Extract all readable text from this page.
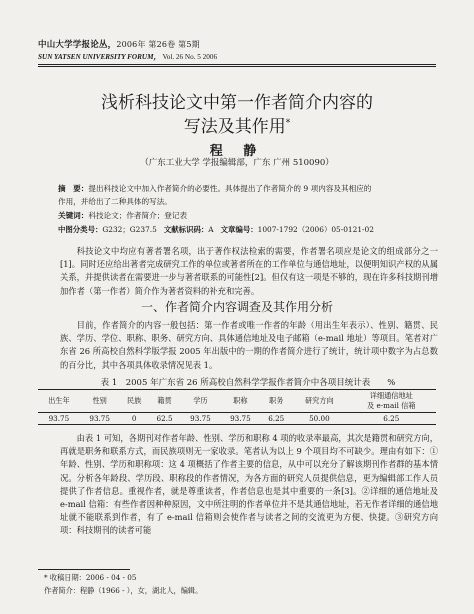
中山大学学报论丛，2006年 第26卷 第5期
SUN YATSEN UNIVERSITY FORUM， Vol. 26 No. 5 2006
浅析科技论文中第一作者简介内容的
写法及其作用*
程 静
（广东工业大学 学报编辑部，广东 广州 510090）
摘　要：提出科技论文中加入作者简介的必要性。具体提出了作者简介的 9 项内容及其相应的
作用，并给出了二种具体的写法。
关键词：科技论文；作者简介；登记表
中图分类号：G232；G237.5 文献标识码：A 文章编号：1007-1792（2006）05-0121-02
科技论文中均应有著者署名项，出于著作权法检索的需要，作者署名项应是论文的组成部分之一[1]。同时还应给出著者完成研究工作的单位或著者所在的工作单位与通信地址，以便明知识产权的从属关系，并提供读者在需要进一步与著者联系的可能性[2]。但仅有这一项是不够的，现在许多科技期刊增加作者（第一作者）简介作为著者资料的补充和完善。
一、作者简介内容调查及其作用分析
目前，作者简介的内容一般包括：第一作者或唯一作者的年龄（用出生年表示）、性别、籍贯、民族、学历、学位、职称、职务、研究方向、具体通信地址及电子邮箱（e-mail 地址）等项目。笔者对广东省 26 所高校自然科学版学报 2005 年出版中的一期的作者简介进行了统计，统计项中数字为占总数的百分比，其中各项具体收录情况见表 1。
表 1　2005 年广东省 26 所高校自然科学学报作者简介中各项目统计表　　%
出生年	性别	民族	籍贯	学历	职称	职务	研究方向	详细通信地址
及 e-mail 信箱
93.75	93.75	0	62.5	93.75	93.75	6.25	50.00	6.25
由表 1 可知，各期刊对作者年龄、性别、学历和职称 4 项的收录率最高，其次是籍贯和研究方向，再就是职务和联系方式，而民族项则无一家收录。笔者认为以上 9 个项目均不可缺少。理由有如下：①年龄、性别、学历和职称项：这 4 项概括了作者主要的信息，从中可以充分了解该期刊作者群的基本情况。分析各年龄段、学历段、职称段的作者情况，为各方面的研究人员提供信息，更为编辑部工作人员提供了作者信息。重视作者，就是尊重读者，作者信息也是其中重要的一条[3]。②详细的通信地址及 e-mail 信箱：有些作者因种种原因，文中所注明的作者单位并不是其通信地址，若无作者详细的通信地址就不能联系到作者，有了 e-mail 信箱则会使作者与读者之间的交流更为方便、快捷。③研究方向项：科技期刊的读者可能
* 收稿日期：2006 - 04 - 05
作者简介：程静（1966 - ），女，湖北人，编辑。
